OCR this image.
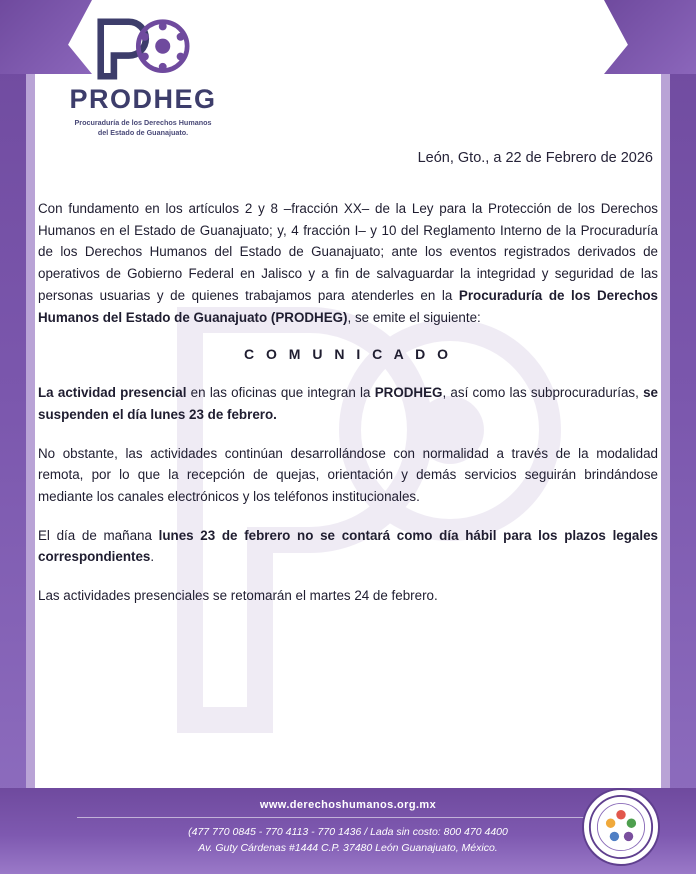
PRODHEG
Procuraduría de los Derechos Humanos
del Estado de Guanajuato.
León, Gto., a 22 de Febrero de 2026

Con fundamento en los artículos 2 y 8 –fracción XX– de la Ley para la Protección de los Derechos Humanos en el Estado de Guanajuato; y, 4 fracción I– y 10 del Reglamento Interno de la Procuraduría de los Derechos Humanos del Estado de Guanajuato; ante los eventos registrados derivados de operativos de Gobierno Federal en Jalisco y a fin de salvaguardar la integridad y seguridad de las personas usuarias y de quienes trabajamos para atenderles en la Procuraduría de los Derechos Humanos del Estado de Guanajuato (PRODHEG), se emite el siguiente:

C O M U N I C A D O

La actividad presencial en las oficinas que integran la PRODHEG, así como las subprocuradurías, se suspenden el día lunes 23 de febrero.

No obstante, las actividades continúan desarrollándose con normalidad a través de la modalidad remota, por lo que la recepción de quejas, orientación y demás servicios seguirán brindándose mediante los canales electrónicos y los teléfonos institucionales.

El día de mañana lunes 23 de febrero no se contará como día hábil para los plazos legales correspondientes.

Las actividades presenciales se retomarán el martes 24 de febrero.

www.derechoshumanos.org.mx
(477 770 0845 - 770 4113 - 770 1436 / Lada sin costo: 800 470 4400
Av. Guty Cárdenas #1444 C.P. 37480 León Guanajuato, México.
